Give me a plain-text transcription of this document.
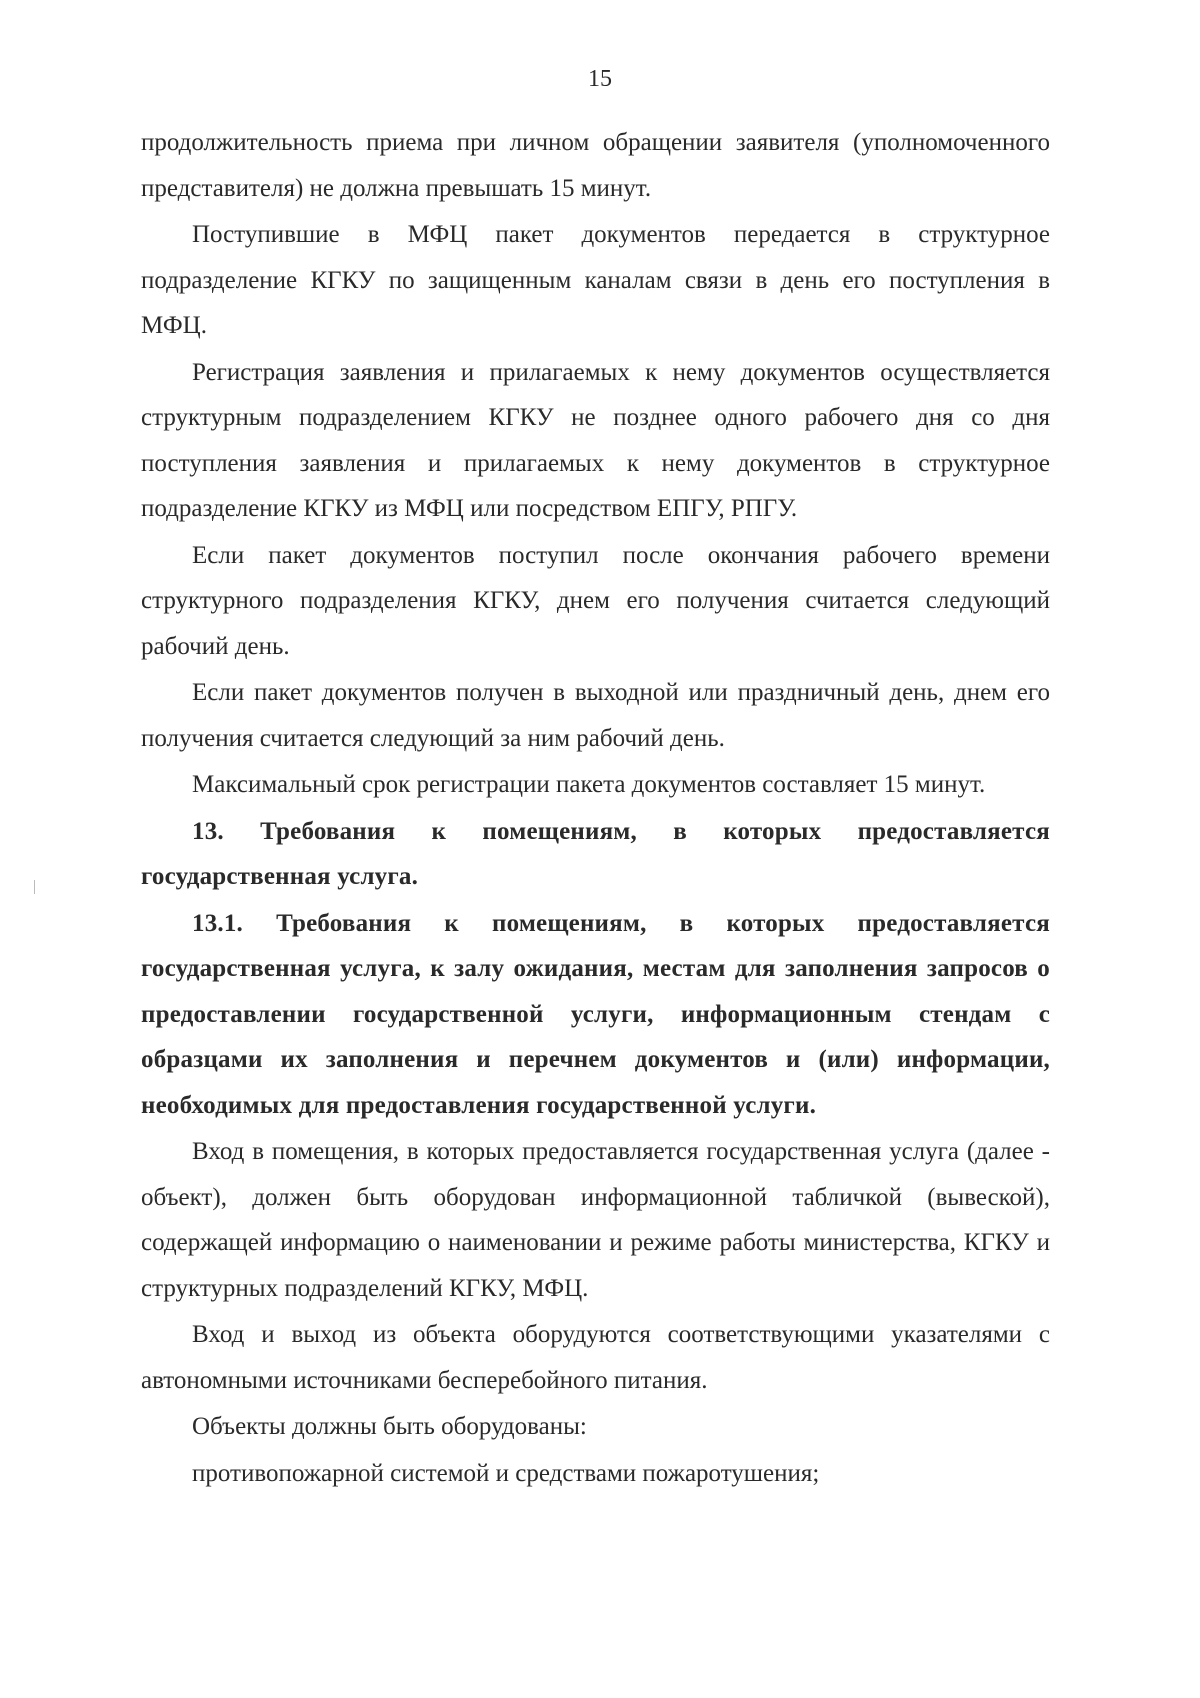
15

продолжительность приема при личном обращении заявителя (уполномоченного представителя) не должна превышать 15 минут.

Поступившие в МФЦ пакет документов передается в структурное подразделение КГКУ по защищенным каналам связи в день его поступления в МФЦ.

Регистрация заявления и прилагаемых к нему документов осуществляется структурным подразделением КГКУ не позднее одного рабочего дня со дня поступления заявления и прилагаемых к нему документов в структурное подразделение КГКУ из МФЦ или посредством ЕПГУ, РПГУ.

Если пакет документов поступил после окончания рабочего времени структурного подразделения КГКУ, днем его получения считается следующий рабочий день.

Если пакет документов получен в выходной или праздничный день, днем его получения считается следующий за ним рабочий день.

Максимальный срок регистрации пакета документов составляет 15 минут.

13. Требования к помещениям, в которых предоставляется государственная услуга.

13.1. Требования к помещениям, в которых предоставляется государственная услуга, к залу ожидания, местам для заполнения запросов о предоставлении государственной услуги, информационным стендам с образцами их заполнения и перечнем документов и (или) информации, необходимых для предоставления государственной услуги.

Вход в помещения, в которых предоставляется государственная услуга (далее - объект), должен быть оборудован информационной табличкой (вывеской), содержащей информацию о наименовании и режиме работы министерства, КГКУ и структурных подразделений КГКУ, МФЦ.

Вход и выход из объекта оборудуются соответствующими указателями с автономными источниками бесперебойного питания.

Объекты должны быть оборудованы:

противопожарной системой и средствами пожаротушения;
